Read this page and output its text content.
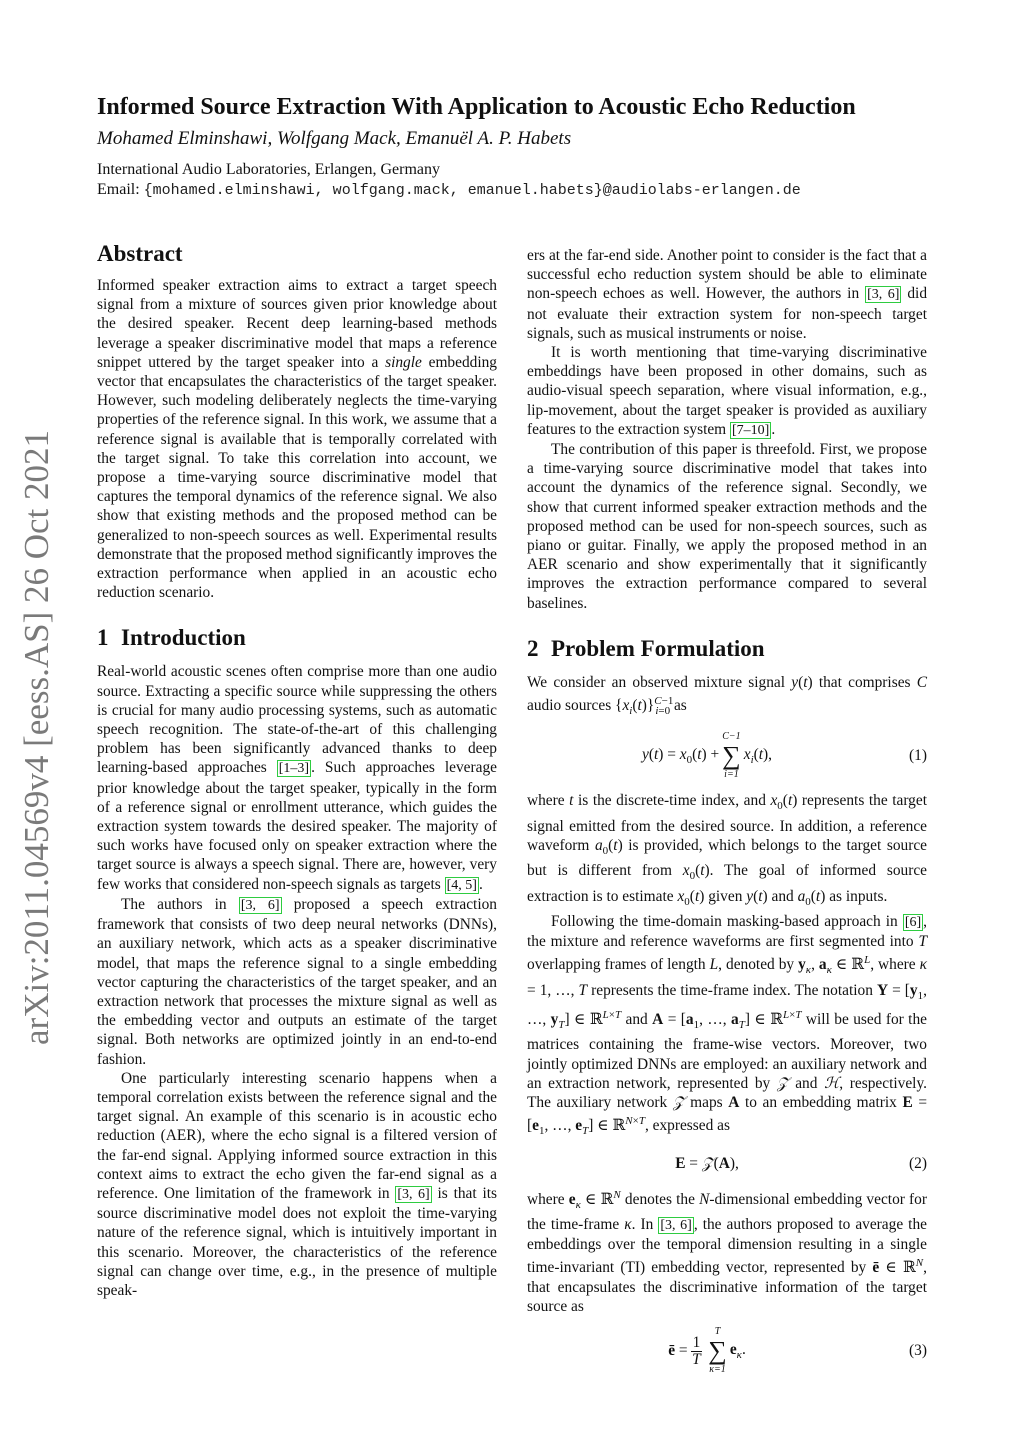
Informed Source Extraction With Application to Acoustic Echo Reduction
Mohamed Elminshawi, Wolfgang Mack, Emanuël A. P. Habets
International Audio Laboratories, Erlangen, Germany
Email: {mohamed.elminshawi, wolfgang.mack, emanuel.habets}@audiolabs-erlangen.de
arXiv:2011.04569v4 [eess.AS] 26 Oct 2021
Abstract

Informed speaker extraction aims to extract a target speech signal from a mixture of sources given prior knowledge about the desired speaker. Recent deep learning-based methods leverage a speaker discriminative model that maps a reference snippet uttered by the target speaker into a single embedding vector that encapsulates the characteristics of the target speaker. However, such modeling deliberately neglects the time-varying properties of the reference signal. In this work, we assume that a reference signal is available that is temporally correlated with the target signal. To take this correlation into account, we propose a time-varying source discriminative model that captures the temporal dynamics of the reference signal. We also show that existing methods and the proposed method can be generalized to non-speech sources as well. Experimental results demonstrate that the proposed method significantly improves the extraction performance when applied in an acoustic echo reduction scenario.

1 Introduction

Real-world acoustic scenes often comprise more than one audio source. Extracting a specific source while suppressing the others is crucial for many audio processing systems, such as automatic speech recognition. The state-of-the-art of this challenging problem has been significantly advanced thanks to deep learning-based approaches [1–3] . Such approaches leverage prior knowledge about the target speaker, typically in the form of a reference signal or enrollment utterance, which guides the extraction system towards the desired speaker. The majority of such works have focused only on speaker extraction where the target source is always a speech signal. There are, however, very few works that considered non-speech signals as targets [4, 5] .

The authors in [3, 6] proposed a speech extraction framework that consists of two deep neural networks (DNNs), an auxiliary network, which acts as a speaker discriminative model, that maps the reference signal to a single embedding vector capturing the characteristics of the target speaker, and an extraction network that processes the mixture signal as well as the embedding vector and outputs an estimate of the target signal. Both networks are optimized jointly in an end-to-end fashion.

One particularly interesting scenario happens when a temporal correlation exists between the reference signal and the target signal. An example of this scenario is in acoustic echo reduction (AER), where the echo signal is a filtered version of the far-end signal. Applying informed source extraction in this context aims to extract the echo given the far-end signal as a reference. One limitation of the framework in [3, 6] is that its source discriminative model does not exploit the time-varying nature of the reference signal, which is intuitively important in this scenario. Moreover, the characteristics of the reference signal can change over time, e.g., in the presence of multiple speak-

ers at the far-end side. Another point to consider is the fact that a successful echo reduction system should be able to eliminate non-speech echoes as well. However, the authors in [3, 6] did not evaluate their extraction system for non-speech target signals, such as musical instruments or noise.

It is worth mentioning that time-varying discriminative embeddings have been proposed in other domains, such as audio-visual speech separation, where visual information, e.g., lip-movement, about the target speaker is provided as auxiliary features to the extraction system [7–10] .

The contribution of this paper is threefold. First, we propose a time-varying source discriminative model that takes into account the dynamics of the reference signal. Secondly, we show that current informed speaker extraction methods and the proposed method can be used for non-speech sources, such as piano or guitar. Finally, we apply the proposed method in an AER scenario and show experimentally that it significantly improves the extraction performance compared to several baselines.

2 Problem Formulation

We consider an observed mixture signal y(t) that comprises C audio sources $\{x_i(t)\}^{C-1}_{i=0}$ as

$y(t) = x_0(t)$ +
C−1
∑
i=1
$x_i(t)$,	(1)

where t is the discrete-time index, and $x_0(t)$ represents the target signal emitted from the desired source. In addition, a reference waveform $a_0(t)$ is provided, which belongs to the target source but is different from $x_0(t)$. The goal of informed source extraction is to estimate $x_0(t)$ given y(t) and $a_0(t)$ as inputs.

Following the time-domain masking-based approach in [6] , the mixture and reference waveforms are first segmented into T overlapping frames of length L, denoted by $y_\kappa$, $a_\kappa$ ∈ ℝ$^L$, where κ = 1, …, T represents the time-frame index. The notation $Y = [y_1$, …, $y_T$] ∈ ℝ$^{L\times T}$ and $A = [a_1$, …, $a_T$] ∈ ℝ$^{L\times T}$ will be used for the matrices containing the frame-wise vectors. Moreover, two jointly optimized DNNs are employed: an auxiliary network and an extraction network, represented by 𝒵 and ℋ, respectively. The auxiliary network 𝒵 maps A to an embedding matrix $E = [e_1$, …, $e_T$] ∈ ℝ$^{N\times T}$, expressed as

E = 𝒵(A),	(2)

where $e_\kappa$ ∈ ℝ$^N$ denotes the N-dimensional embedding vector for the time-frame κ. In [3, 6] , the authors proposed to average the embeddings over the temporal dimension resulting in a single time-invariant (TI) embedding vector, represented by ē ∈ ℝ$^N$, that encapsulates the discriminative information of the target source as

ē = $\frac{1}{T}$
T
∑
κ=1
$e_\kappa$.	(3)
